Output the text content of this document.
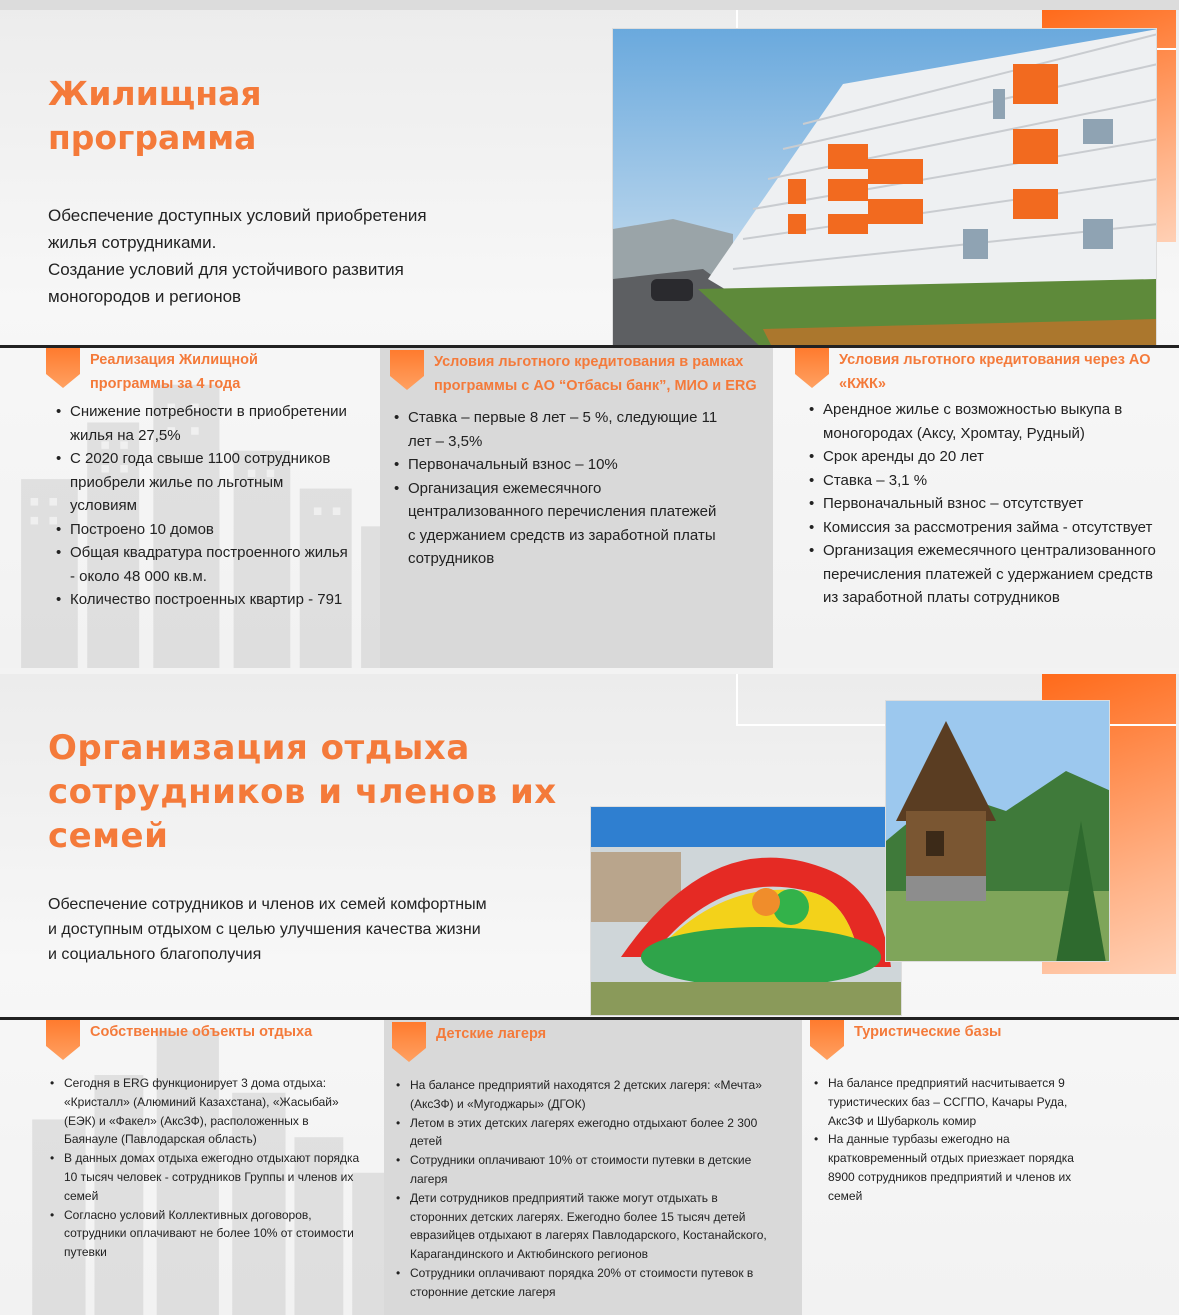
Жилищная
программа

Обеспечение доступных условий приобретения

жилья сотрудниками.

Создание условий для устойчивого развития

моногородов и регионов

Реализация Жилищной программы за 4 года
• Снижение потребности в приобретении жилья на 27,5%
• С 2020 года свыше 1100 сотрудников приобрели жилье по льготным условиям
• Построено 10 домов
• Общая квадратура построенного жилья - около 48 000 кв.м.
• Количество построенных квартир - 791
Условия льготного кредитования в рамках программы с АО “Отбасы банк”, МИО и ERG
• Ставка – первые 8 лет – 5 %, следующие 11 лет – 3,5%
• Первоначальный взнос – 10%
• Организация ежемесячного централизованного перечисления платежей с удержанием средств из заработной платы сотрудников
Условия льготного кредитования через АО «КЖК»
• Арендное жилье с возможностью выкупа в моногородах (Аксу, Хромтау, Рудный)
• Срок аренды до 20 лет
• Ставка – 3,1 %
• Первоначальный взнос – отсутствует
• Комиссия за рассмотрения займа - отсутствует
• Организация ежемесячного централизованного перечисления платежей с удержанием средств из заработной платы сотрудников
Организация отдыха
сотрудников и членов их
семей

Обеспечение сотрудников и членов их семей комфортным

и доступным отдыхом с целью улучшения качества жизни

и социального благополучия

Собственные объекты отдыха
• Сегодня в ERG функционирует 3 дома отдыха: «Кристалл» (Алюминий Казахстана), «Жасыбай» (ЕЭК) и «Факел» (АксЗФ), расположенных в Баянауле (Павлодарская область)
• В данных домах отдыха ежегодно отдыхают порядка 10 тысяч человек - сотрудников Группы и членов их семей
• Согласно условий Коллективных договоров, сотрудники оплачивают не более 10% от стоимости путевки
Детские лагеря
• На балансе предприятий находятся 2 детских лагеря: «Мечта» (АксЗФ) и «Мугоджары» (ДГОК)
• Летом в этих детских лагерях ежегодно отдыхают более 2 300 детей
• Сотрудники оплачивают 10% от стоимости путевки в детские лагеря
• Дети сотрудников предприятий также могут отдыхать в сторонних детских лагерях. Ежегодно более 15 тысяч детей евразийцев отдыхают в лагерях Павлодарского, Костанайского, Карагандинского и Актюбинского регионов
• Сотрудники оплачивают порядка 20% от стоимости путевок в сторонние детские лагеря
Туристические базы
• На балансе предприятий насчитывается 9 туристических баз – ССГПО, Качары Руда, АксЗФ и Шубарколь комир
• На данные турбазы ежегодно на кратковременный отдых приезжает порядка 8900 сотрудников предприятий и членов их семей
